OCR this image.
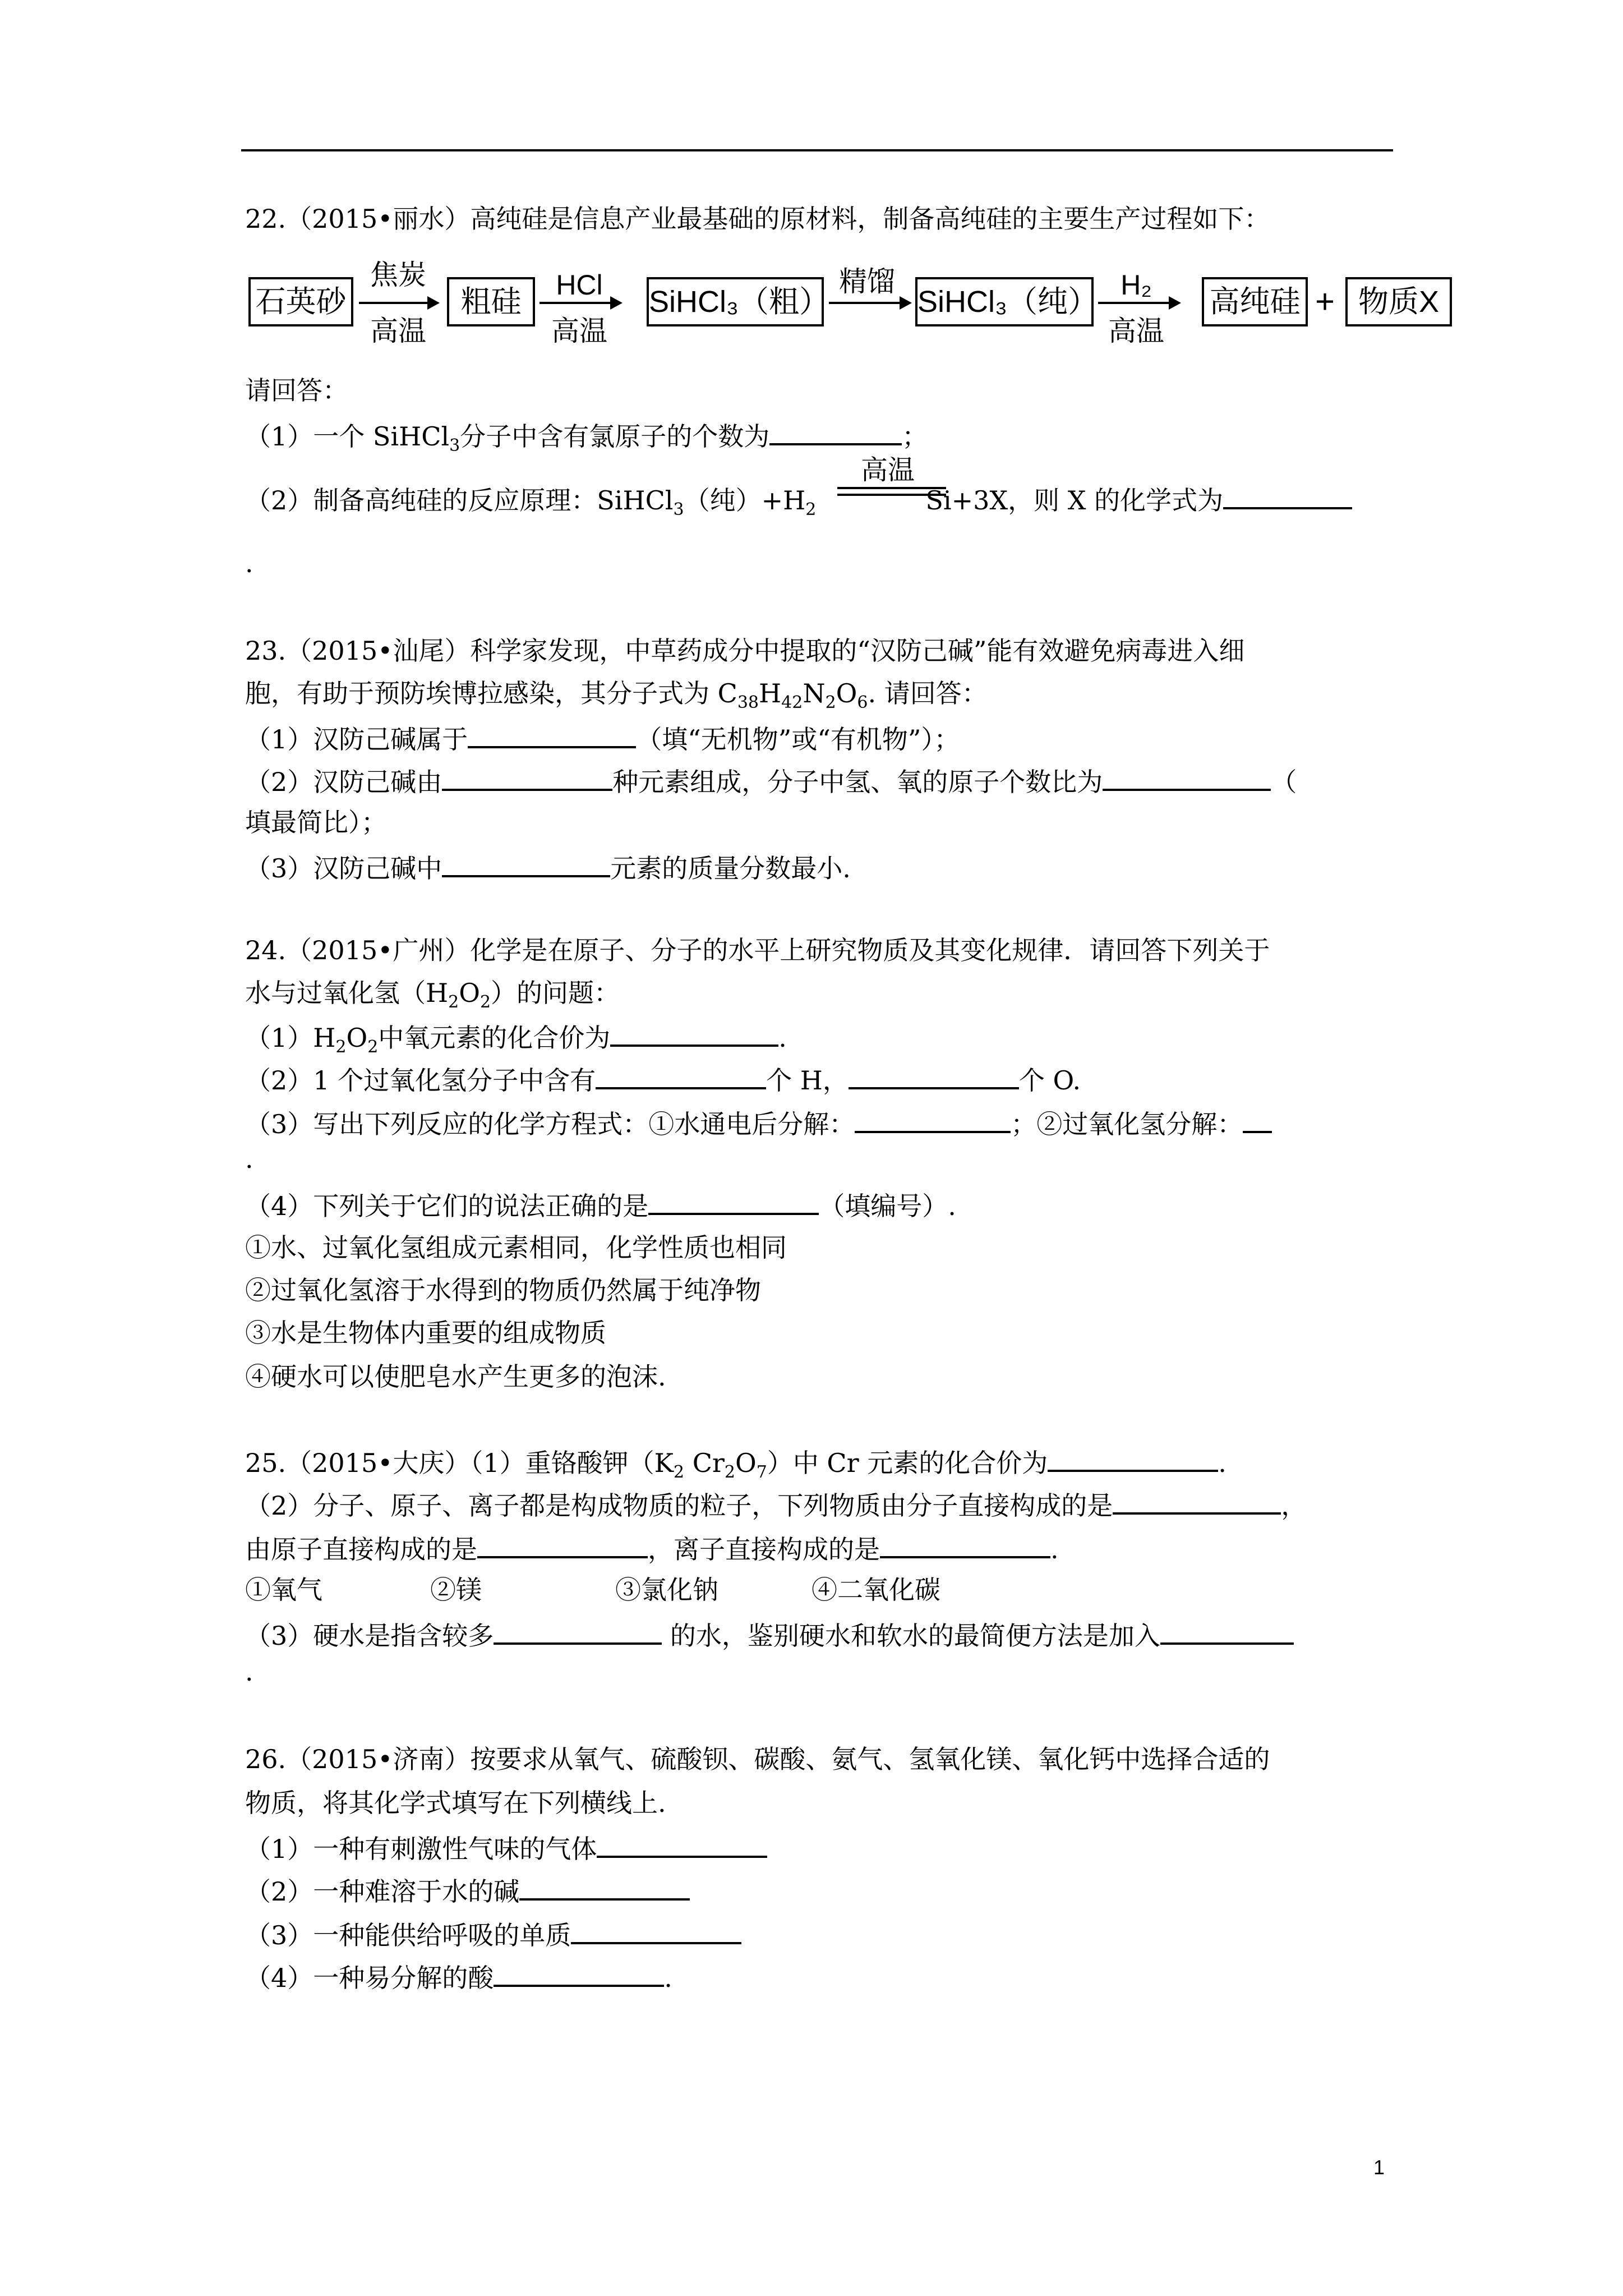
22.（2015•丽水）高纯硅是信息产业最基础的原材料，制备高纯硅的主要生产过程如下：
石英砂
焦炭
高温
粗硅	HCl
高温
SiHCl₃（粗）
精馏
SiHCl₃（纯） H₂
高温
高纯硅 + 物质X
请回答：
（1）一个 SiHCl$_3$分子中含有氯原子的个数为	；
高温
（2）制备高纯硅的反应原理：SiHCl$_3$（纯）$+H_2$	Si+3X，则 X 的化学式为
.
23.（2015•汕尾）科学家发现，中草药成分中提取的“汉防己碱”能有效避免病毒进入细
胞，有助于预防埃博拉感染，其分子式为 $C_{38}H_{42}N_2O_6$. 请回答：
（1）汉防己碱属于	（填“无机物”或“有机物”）；
（2）汉防己碱由	种元素组成，分子中氢、氧的原子个数比为	（
填最简比）；
（3）汉防己碱中	元素的质量分数最小.
24.（2015•广州）化学是在原子、分子的水平上研究物质及其变化规律．请回答下列关于
水与过氧化氢$(H_2O_2)$的问题：
$(1)H_2O_2$中氧元素的化合价为	.
（2）1 个过氧化氢分子中含有	个 H，	个 O.
（3）写出下列反应的化学方程式：①水通电后分解：	；②过氧化氢分解：
.
（4）下列关于它们的说法正确的是	（填编号）.
①水、过氧化氢组成元素相同，化学性质也相同
②过氧化氢溶于水得到的物质仍然属于纯净物
③水是生物体内重要的组成物质
④硬水可以使肥皂水产生更多的泡沫.
25.（2015•大庆）（1）重铬酸钾（$K_2$ $Cr_2O_7$）中 Cr 元素的化合价为	.
（2）分子、原子、离子都是构成物质的粒子，下列物质由分子直接构成的是	，
由原子直接构成的是	，离子直接构成的是	.
①氧气	②镁	③氯化钠	④二氧化碳
（3）硬水是指含较多	的水，鉴别硬水和软水的最简便方法是加入
.
26.（2015•济南）按要求从氧气、硫酸钡、碳酸、氨气、氢氧化镁、氧化钙中选择合适的
物质，将其化学式填写在下列横线上.
（1）一种有刺激性气味的气体
（2）一种难溶于水的碱
（3）一种能供给呼吸的单质
（4）一种易分解的酸	.
1
